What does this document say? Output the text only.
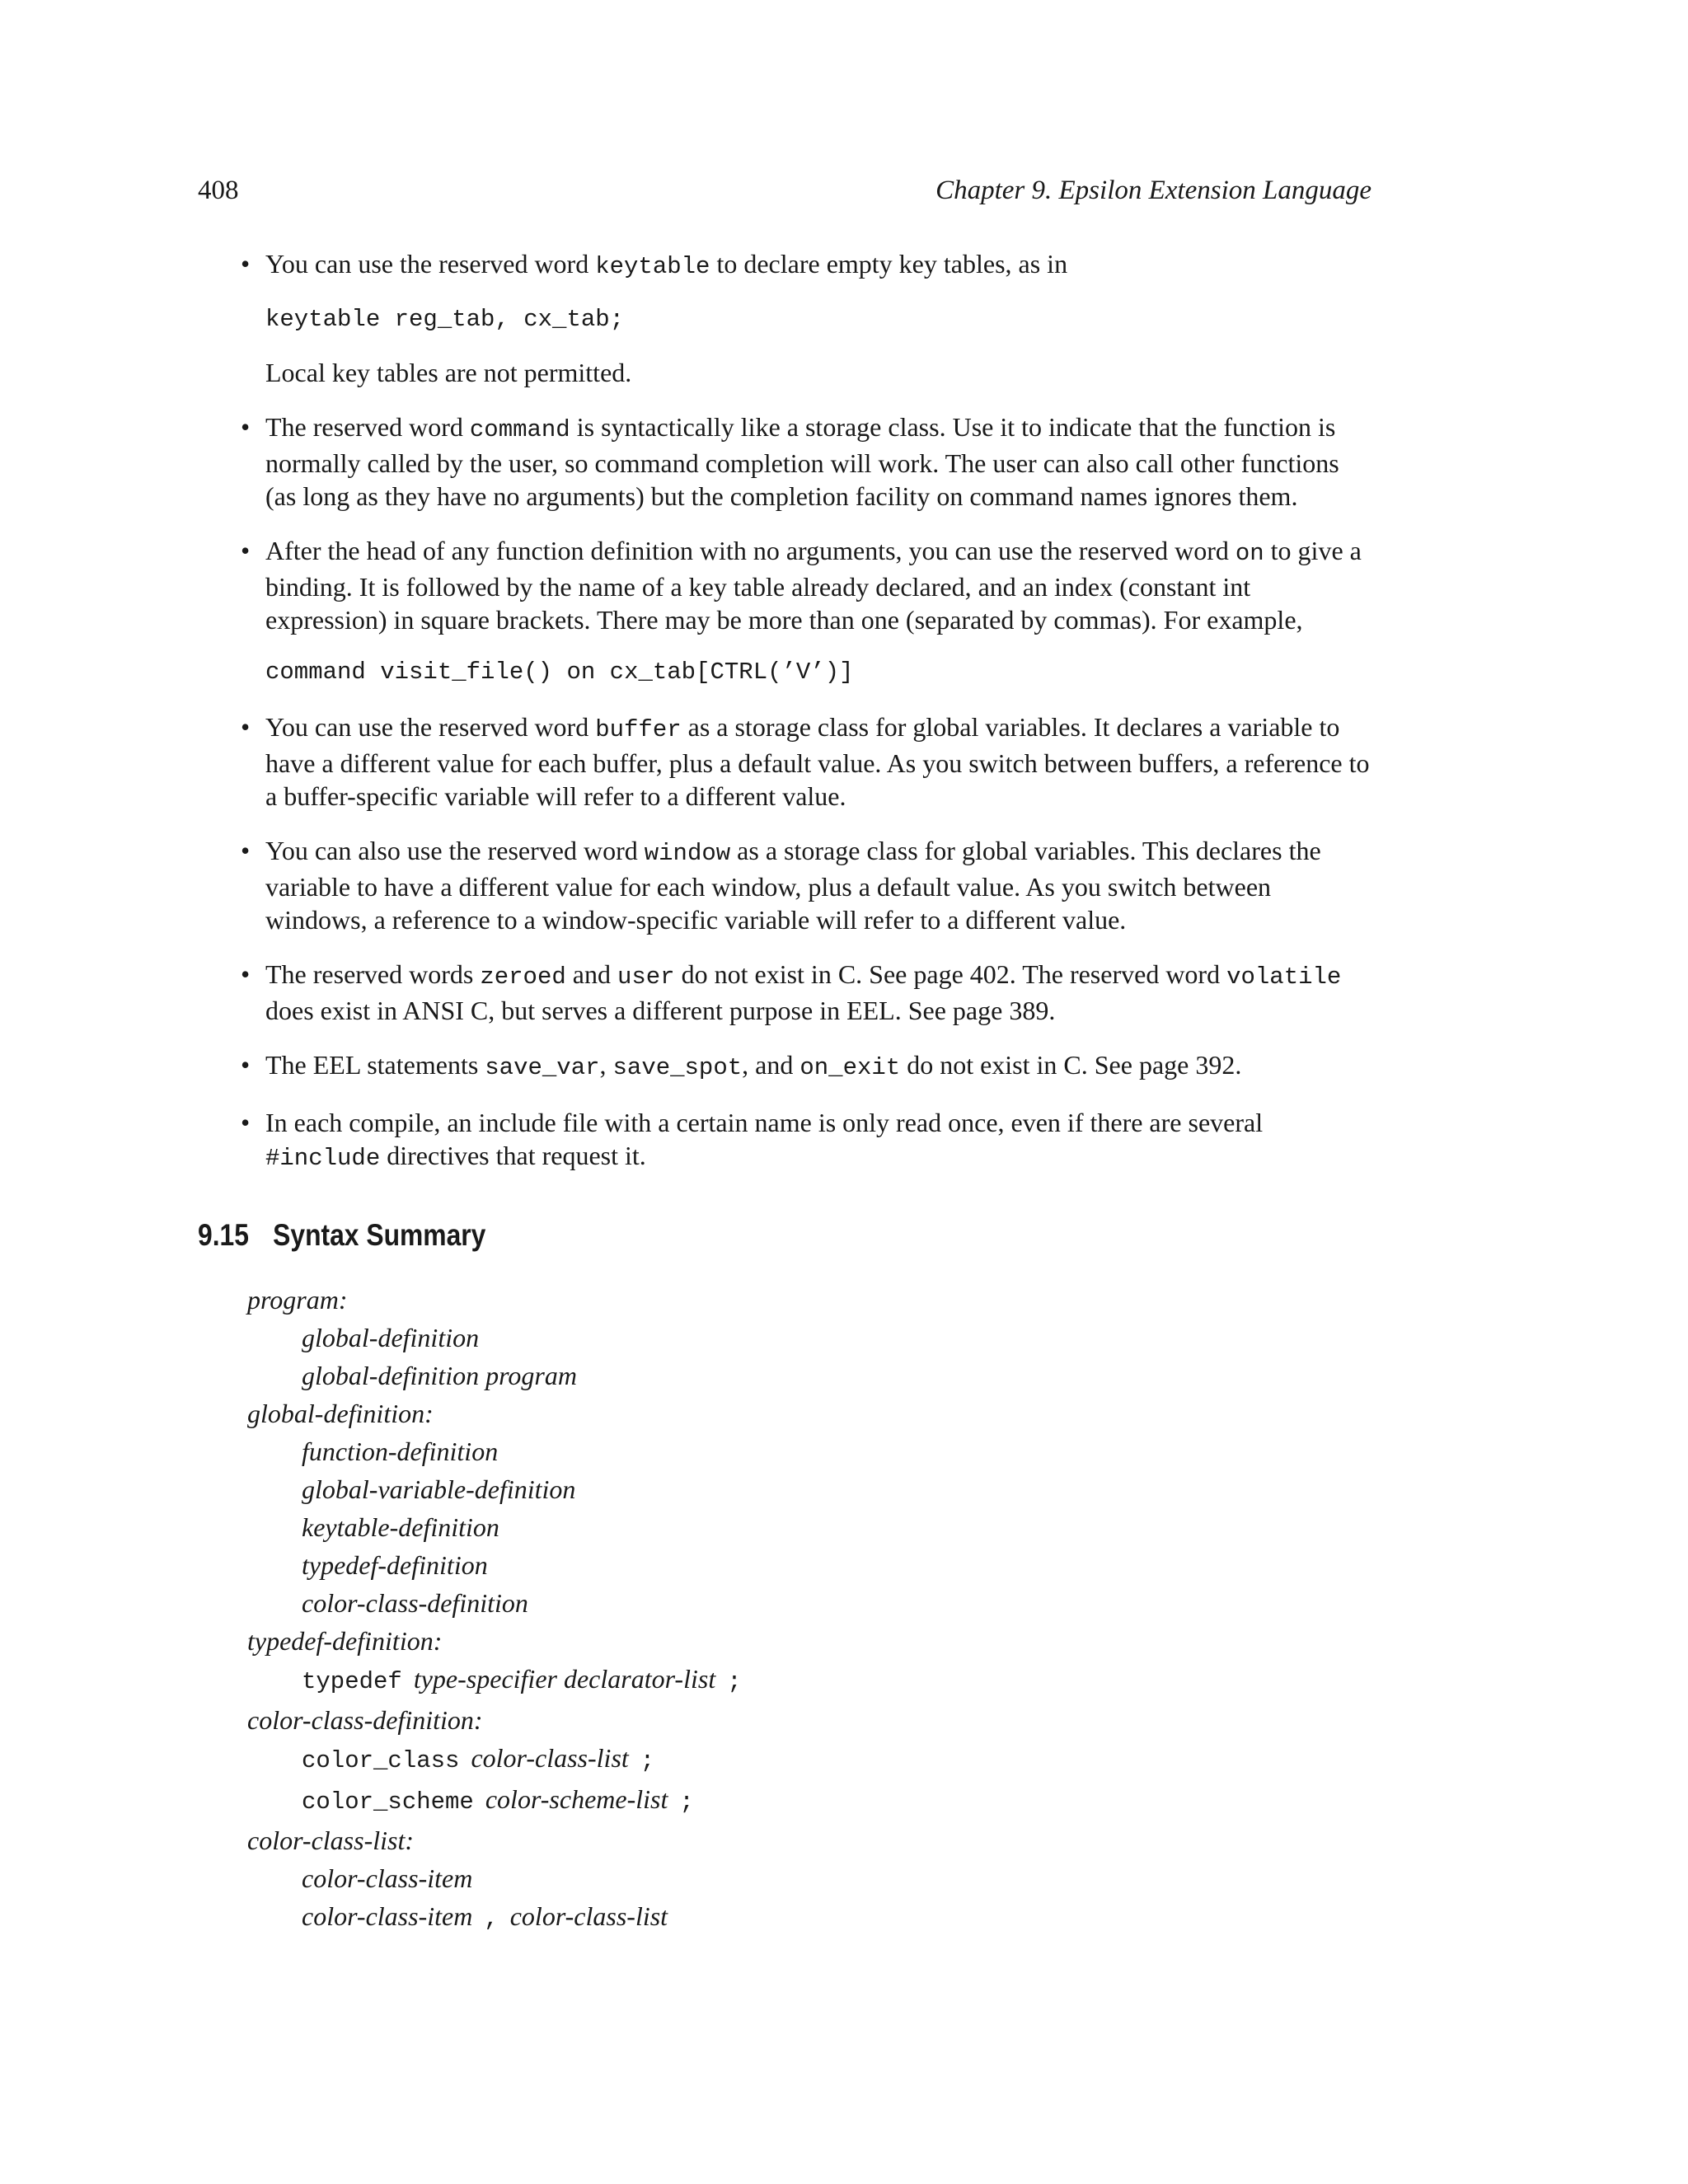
408	Chapter 9. Epsilon Extension Language
• You can use the reserved word keytable to declare empty key tables, as in

keytable reg_tab, cx_tab;

Local key tables are not permitted.

• The reserved word command is syntactically like a storage class. Use it to indicate that the function is normally called by the user, so command completion will work. The user can also call other functions (as long as they have no arguments) but the completion facility on command names ignores them.

• After the head of any function definition with no arguments, you can use the reserved word on to give a binding. It is followed by the name of a key table already declared, and an index (constant int expression) in square brackets. There may be more than one (separated by commas). For example,

command visit_file() on cx_tab[CTRL(’V’)]
• You can use the reserved word buffer as a storage class for global variables. It declares a variable to have a different value for each buffer, plus a default value. As you switch between buffers, a reference to a buffer-specific variable will refer to a different value.

• You can also use the reserved word window as a storage class for global variables. This declares the variable to have a different value for each window, plus a default value. As you switch between windows, a reference to a window-specific variable will refer to a different value.

• The reserved words zeroed and user do not exist in C. See page 402. The reserved word volatile does exist in ANSI C, but serves a different purpose in EEL. See page 389.

• The EEL statements save_var, save_spot, and on_exit do not exist in C. See page 392.

• In each compile, an include file with a certain name is only read once, even if there are several #include directives that request it.

9.15 Syntax Summary
program:
global-definition
global-definition program
global-definition:
function-definition
global-variable-definition
keytable-definition
typedef-definition
color-class-definition
typedef-definition:
typedef type-specifier declarator-list ;
color-class-definition:
color_class color-class-list ;
color_scheme color-scheme-list ;
color-class-list:
color-class-item
color-class-item , color-class-list
